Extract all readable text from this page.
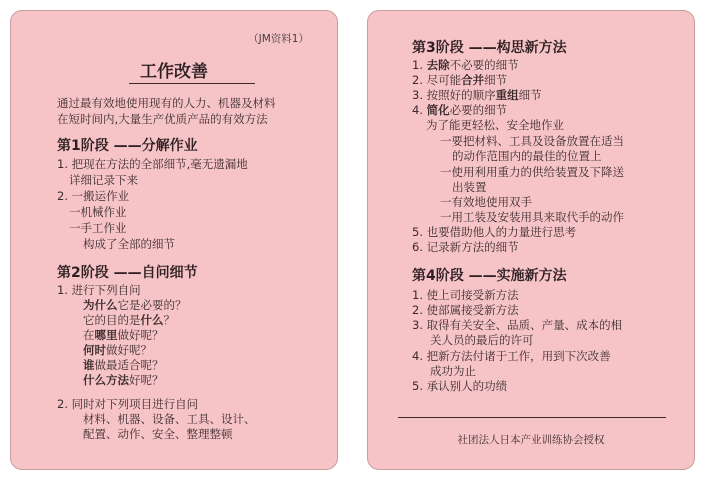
（JM资料1）
工作改善
通过最有效地使用现有的人力、机器及材料
在短时间内,大量生产优质产品的有效方法
第1阶段 ——分解作业
1. 把现在方法的全部细节,毫无遗漏地
详细记录下来
2. 一搬运作业
一机械作业
一手工作业
构成了全部的细节
第2阶段 ——自问细节
1. 进行下列自问
为什么它是必要的？
它的目的是什么？
在哪里做好呢？
何时做好呢？
谁做最适合呢？
什么方法好呢？
2. 同时对下列项目进行自问
材料、机器、设备、工具、设计、
配置、动作、安全、整理整顿
第3阶段 ——构思新方法
1. 去除不必要的细节
2. 尽可能合并细节
3. 按照好的顺序重组细节
4. 简化必要的细节
为了能更轻松、安全地作业
一要把材料、工具及设备放置在适当
的动作范围内的最佳的位置上
一使用利用重力的供给装置及下降送
出装置
一有效地使用双手
一用工装及安装用具来取代手的动作
5. 也要借助他人的力量进行思考
6. 记录新方法的细节
第4阶段 ——实施新方法
1. 使上司接受新方法
2. 使部属接受新方法
3. 取得有关安全、品质、产量、成本的相
关人员的最后的许可
4. 把新方法付诸于工作，用到下次改善
成功为止
5. 承认别人的功绩
社团法人日本产业训练协会授权
